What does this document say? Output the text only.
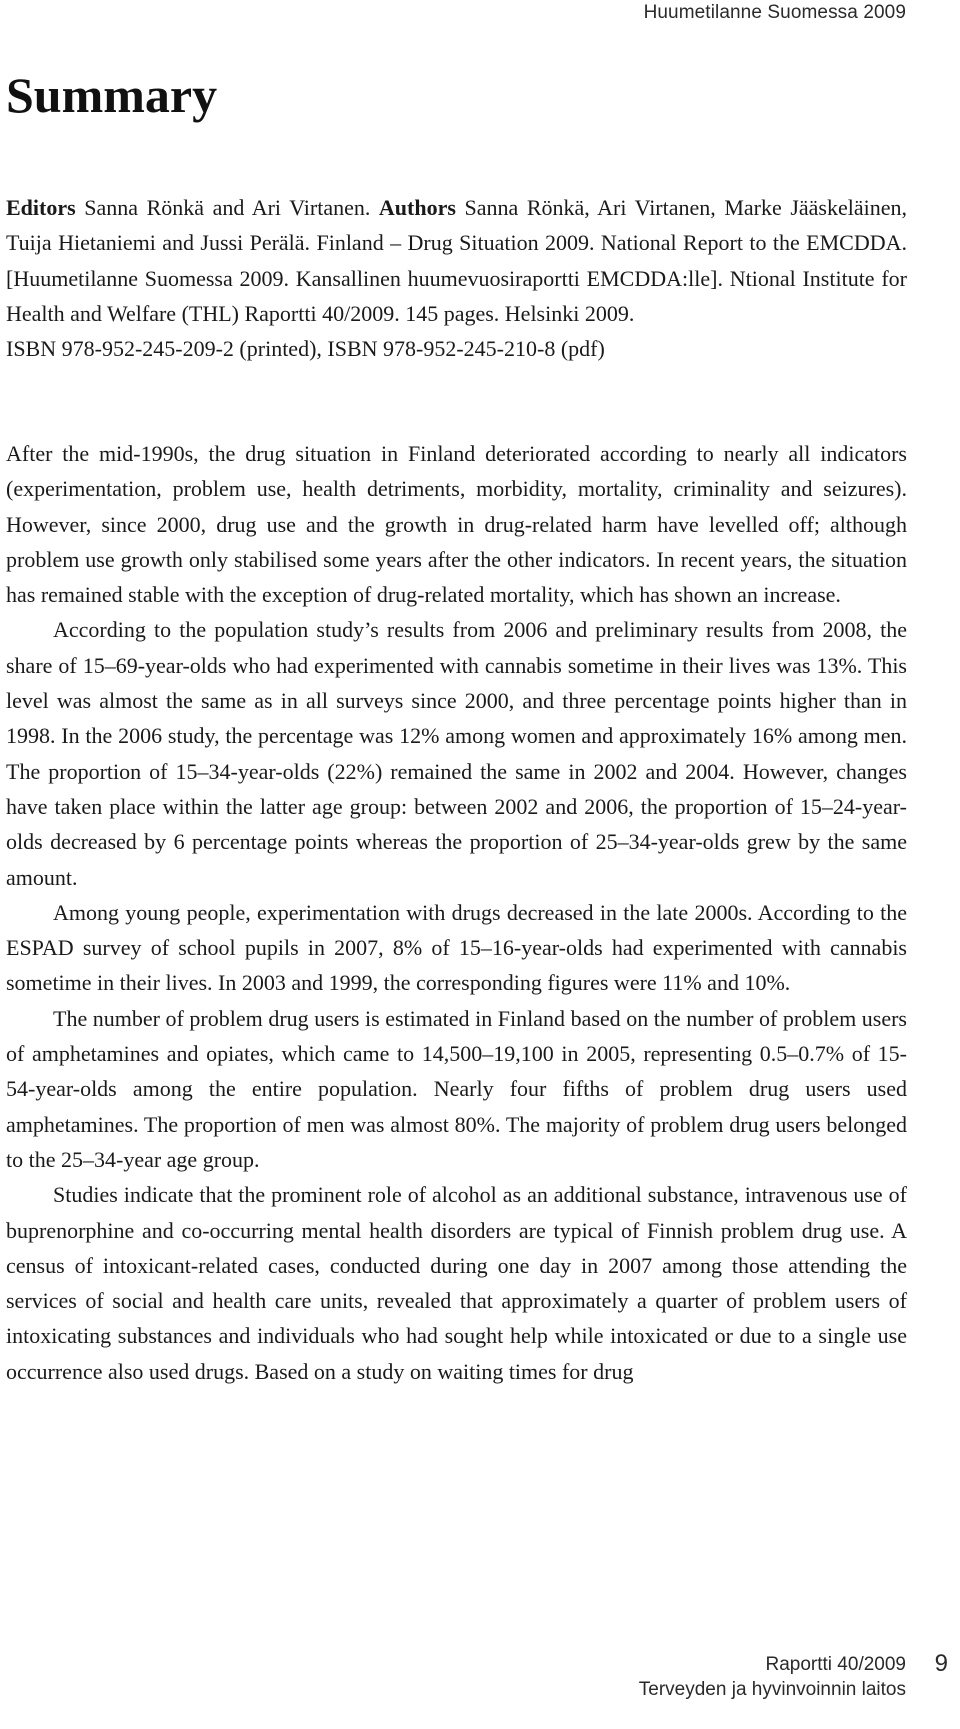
Huumetilanne Suomessa 2009
Summary

Editors Sanna Rönkä and Ari Virtanen. Authors Sanna Rönkä, Ari Virtanen, Marke Jääskeläinen, Tuija Hietaniemi and Jussi Perälä. Finland – Drug Situation 2009. National Report to the EMCDDA. [Huumetilanne Suomessa 2009. Kansallinen huumevuosiraportti EMCDDA:lle]. Ntional Institute for Health and Welfare (THL) Raportti 40/2009. 145 pages. Helsinki 2009.

ISBN 978-952-245-209-2 (printed), ISBN 978-952-245-210-8 (pdf)

After the mid-1990s, the drug situation in Finland deteriorated according to nearly all indicators (experimentation, problem use, health detriments, morbidity, mortality, criminality and seizures). However, since 2000, drug use and the growth in drug-related harm have levelled off; although problem use growth only stabilised some years after the other indicators. In recent years, the situation has remained stable with the exception of drug-related mortality, which has shown an increase.

According to the population study’s results from 2006 and preliminary results from 2008, the share of 15–69-year-olds who had experimented with cannabis sometime in their lives was 13%. This level was almost the same as in all surveys since 2000, and three percentage points higher than in 1998. In the 2006 study, the percentage was 12% among women and approximately 16% among men. The proportion of 15–34-year-olds (22%) remained the same in 2002 and 2004. However, changes have taken place within the latter age group: between 2002 and 2006, the proportion of 15–24-year-olds decreased by 6 percentage points whereas the proportion of 25–34-year-olds grew by the same amount.

Among young people, experimentation with drugs decreased in the late 2000s. According to the ESPAD survey of school pupils in 2007, 8% of 15–16-year-olds had experimented with cannabis sometime in their lives. In 2003 and 1999, the corresponding figures were 11% and 10%.

The number of problem drug users is estimated in Finland based on the number of problem users of amphetamines and opiates, which came to 14,500–19,100 in 2005, representing 0.5–0.7% of 15-54-year-olds among the entire population. Nearly four fifths of problem drug users used amphetamines. The proportion of men was almost 80%. The majority of problem drug users belonged to the 25–34-year age group.

Studies indicate that the prominent role of alcohol as an additional substance, intravenous use of buprenorphine and co-occurring mental health disorders are typical of Finnish problem drug use. A census of intoxicant-related cases, conducted during one day in 2007 among those attending the services of social and health care units, revealed that approximately a quarter of problem users of intoxicating substances and individuals who had sought help while intoxicated or due to a single use occurrence also used drugs. Based on a study on waiting times for drug

Raportti 40/2009
Terveyden ja hyvinvoinnin laitos
9
